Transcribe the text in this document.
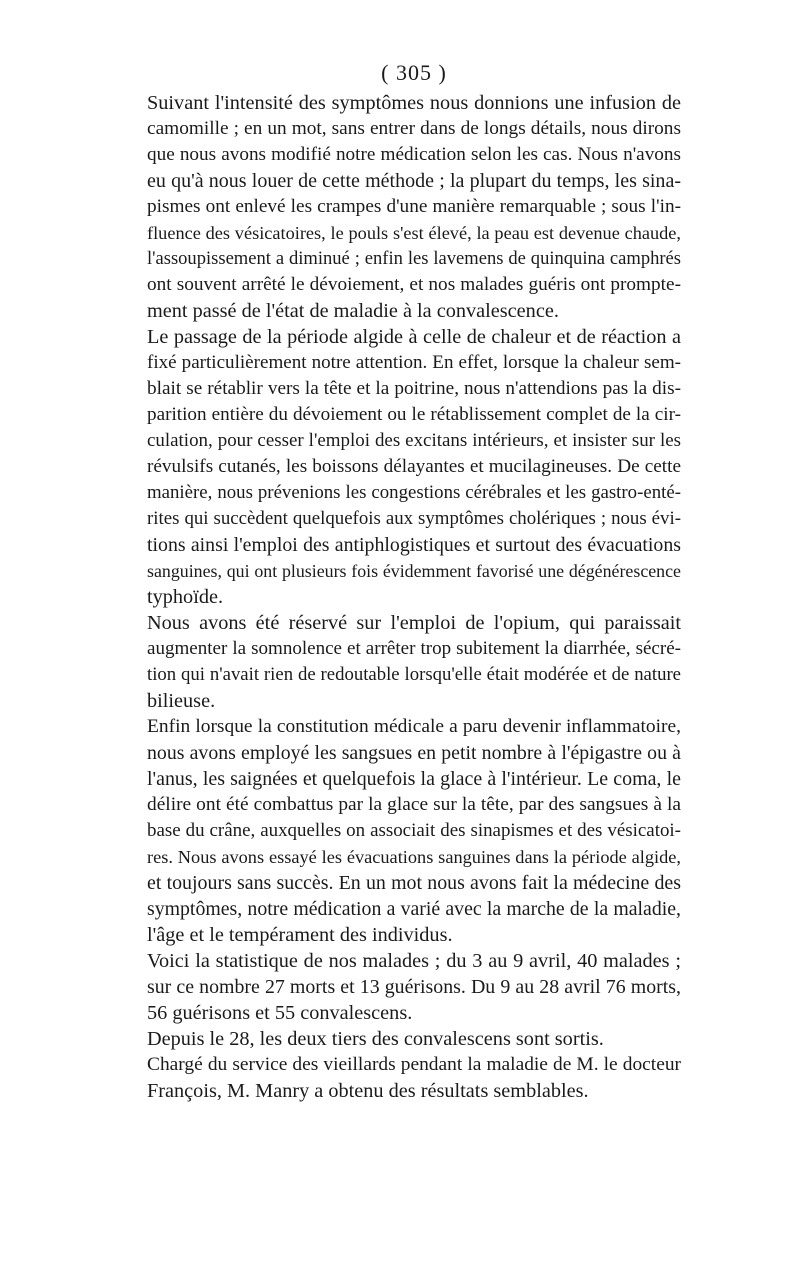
( 305 )
Suivant l'intensité des symptômes nous donnions une infusion de
camomille ; en un mot, sans entrer dans de longs détails, nous dirons
que nous avons modifié notre médication selon les cas. Nous n'avons
eu qu'à nous louer de cette méthode ; la plupart du temps, les sina-
pismes ont enlevé les crampes d'une manière remarquable ; sous l'in-
fluence des vésicatoires, le pouls s'est élevé, la peau est devenue chaude,
l'assoupissement a diminué ; enfin les lavemens de quinquina camphrés
ont souvent arrêté le dévoiement, et nos malades guéris ont prompte-
ment passé de l'état de maladie à la convalescence.
Le passage de la période algide à celle de chaleur et de réaction a
fixé particulièrement notre attention. En effet, lorsque la chaleur sem-
blait se rétablir vers la tête et la poitrine, nous n'attendions pas la dis-
parition entière du dévoiement ou le rétablissement complet de la cir-
culation, pour cesser l'emploi des excitans intérieurs, et insister sur les
révulsifs cutanés, les boissons délayantes et mucilagineuses. De cette
manière, nous prévenions les congestions cérébrales et les gastro-enté-
rites qui succèdent quelquefois aux symptômes cholériques ; nous évi-
tions ainsi l'emploi des antiphlogistiques et surtout des évacuations
sanguines, qui ont plusieurs fois évidemment favorisé une dégénérescence
typhoïde.
Nous avons été réservé sur l'emploi de l'opium, qui paraissait
augmenter la somnolence et arrêter trop subitement la diarrhée, sécré-
tion qui n'avait rien de redoutable lorsqu'elle était modérée et de nature
bilieuse.
Enfin lorsque la constitution médicale a paru devenir inflammatoire,
nous avons employé les sangsues en petit nombre à l'épigastre ou à
l'anus, les saignées et quelquefois la glace à l'intérieur. Le coma, le
délire ont été combattus par la glace sur la tête, par des sangsues à la
base du crâne, auxquelles on associait des sinapismes et des vésicatoi-
res. Nous avons essayé les évacuations sanguines dans la période algide,
et toujours sans succès. En un mot nous avons fait la médecine des
symptômes, notre médication a varié avec la marche de la maladie,
l'âge et le tempérament des individus.
Voici la statistique de nos malades ; du 3 au 9 avril, 40 malades ;
sur ce nombre 27 morts et 13 guérisons. Du 9 au 28 avril 76 morts,
56 guérisons et 55 convalescens.
Depuis le 28, les deux tiers des convalescens sont sortis.
Chargé du service des vieillards pendant la maladie de M. le docteur
François, M. Manry a obtenu des résultats semblables.
